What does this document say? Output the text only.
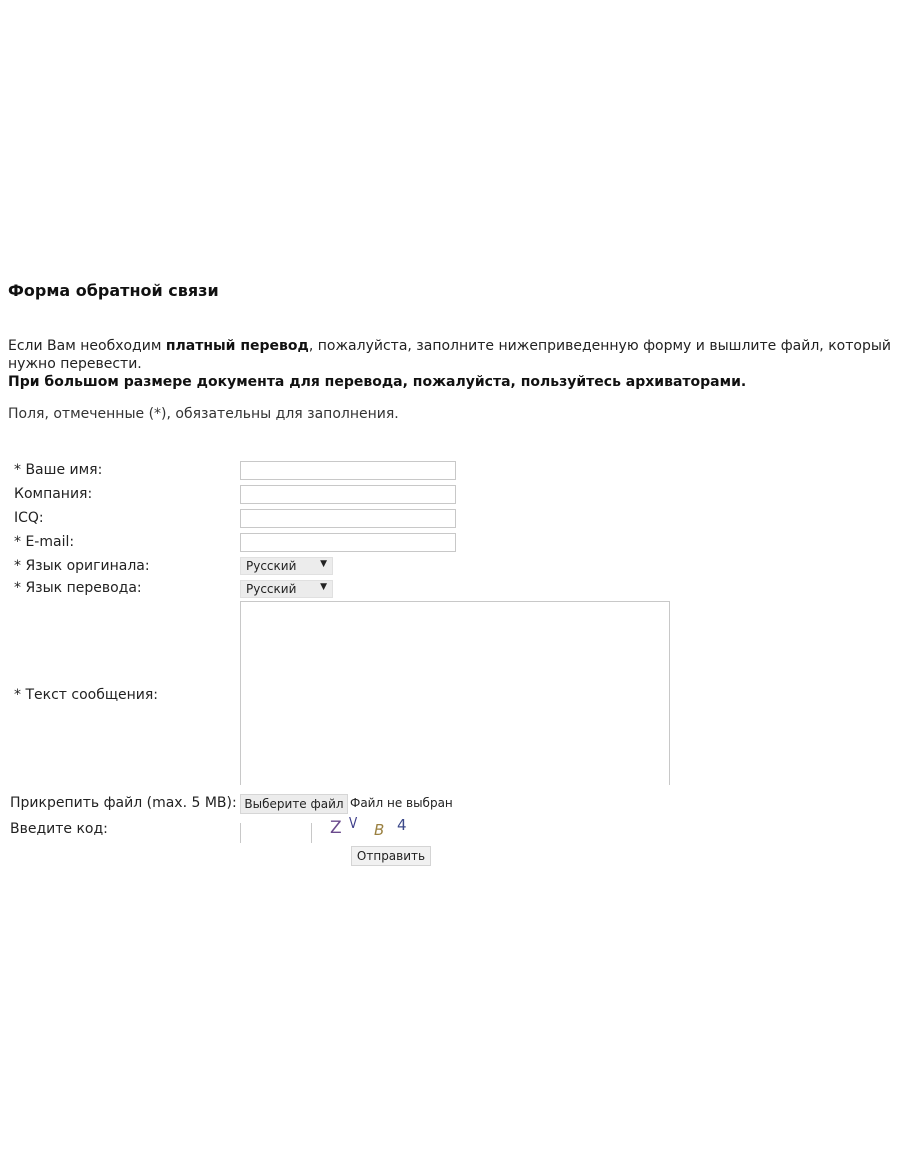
Форма обратной связи
Если Вам необходим платный перевод, пожалуйста, заполните нижеприведенную форму и вышлите файл, который нужно перевести.
При большом размере документа для перевода, пожалуйста, пользуйтесь архиваторами.
Поля, отмеченные (*), обязательны для заполнения.
* Ваше имя:
Компания:
ICQ:
* E-mail:
* Язык оригинала:	Русский	▼
* Язык перевода:	Русский	▼
* Текст сообщения:
Прикрепить файл (max. 5 MB): Выберите файл Файл не выбран
Введите код:	Z V B 4
Отправить
